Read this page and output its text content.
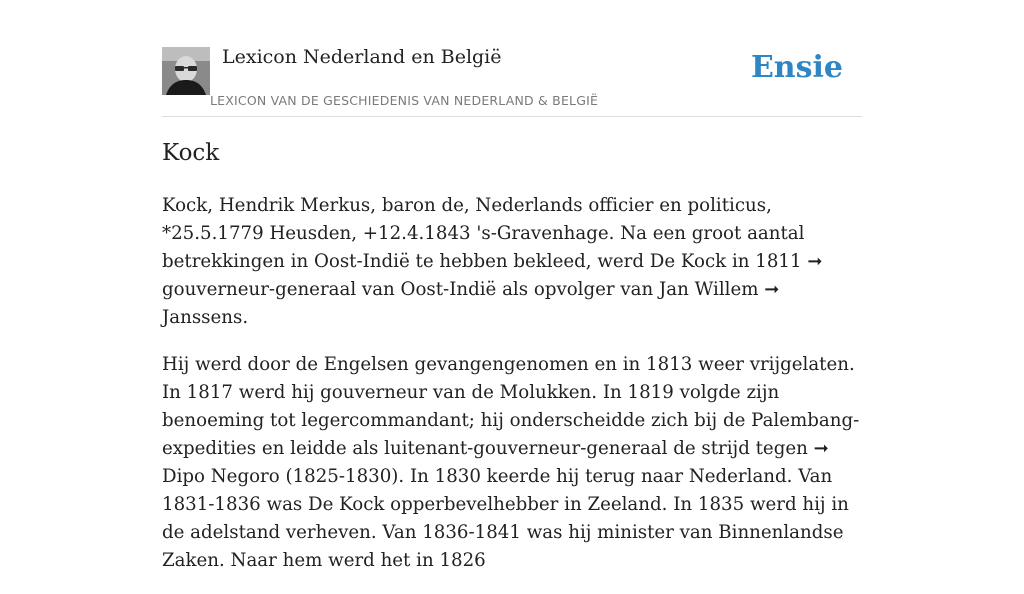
Lexicon Nederland en België
LEXICON VAN DE GESCHIEDENIS VAN NEDERLAND & BELGIË
Ensie
Kock

Kock, Hendrik Merkus, baron de, Nederlands officier en politicus, *25.5.1779 Heusden, +12.4.1843 's-Gravenhage. Na een groot aantal betrekkingen in Oost-Indië te hebben bekleed, werd De Kock in 1811 ➞ gouverneur-generaal van Oost-Indië als opvolger van Jan Willem ➞ Janssens.

Hij werd door de Engelsen gevangengenomen en in 1813 weer vrijgelaten. In 1817 werd hij gouverneur van de Molukken. In 1819 volgde zijn benoeming tot legercommandant; hij onderscheidde zich bij de Palembang-expedities en leidde als luitenant-gouverneur-generaal de strijd tegen ➞ Dipo Negoro (1825-1830). In 1830 keerde hij terug naar Nederland. Van 1831-1836 was De Kock opperbevelhebber in Zeeland. In 1835 werd hij in de adelstand verheven. Van 1836-1841 was hij minister van Binnenlandse Zaken. Naar hem werd het in 1826
